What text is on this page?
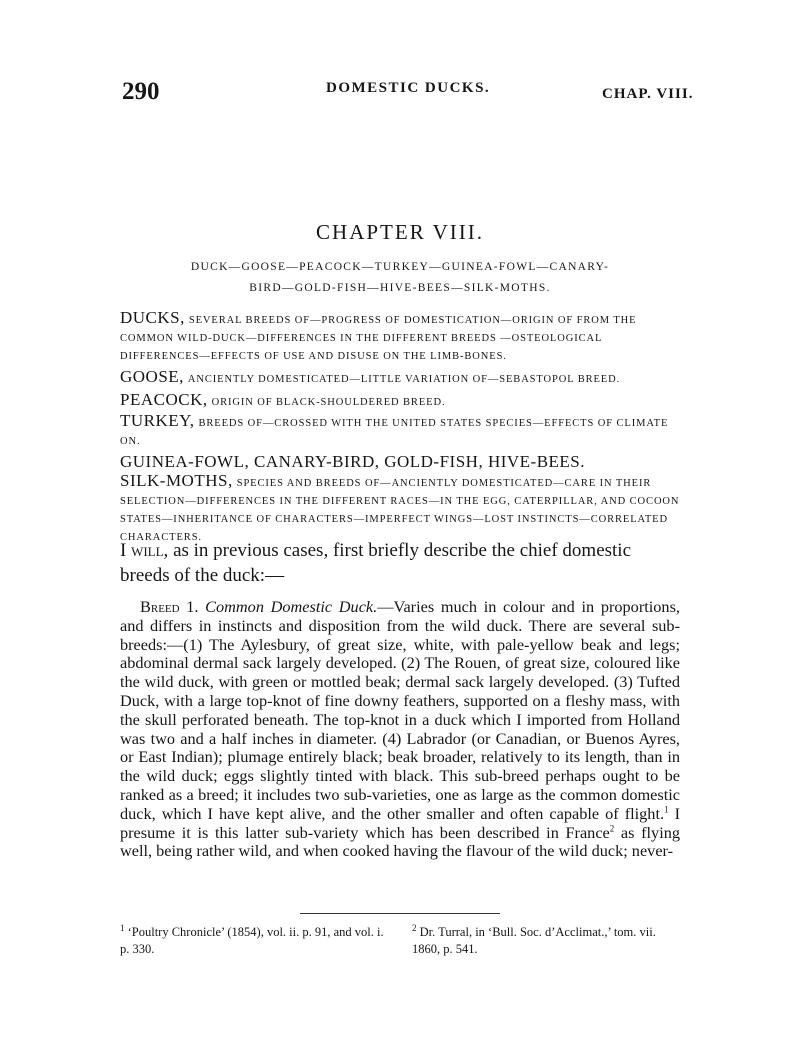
290	DOMESTIC DUCKS.	CHAP. VIII.
CHAPTER VIII.
DUCK—GOOSE—PEACOCK—TURKEY—GUINEA-FOWL—CANARY-
BIRD—GOLD-FISH—HIVE-BEES—SILK-MOTHS.
DUCKS, SEVERAL BREEDS OF—PROGRESS OF DOMESTICATION—ORIGIN OF FROM THE COMMON WILD-DUCK—DIFFERENCES IN THE DIFFERENT BREEDS —OSTEOLOGICAL DIFFERENCES—EFFECTS OF USE AND DISUSE ON THE LIMB-BONES.
GOOSE, ANCIENTLY DOMESTICATED—LITTLE VARIATION OF—SEBASTOPOL BREED.
PEACOCK, ORIGIN OF BLACK-SHOULDERED BREED.
TURKEY, BREEDS OF—CROSSED WITH THE UNITED STATES SPECIES—EFFECTS OF CLIMATE ON.
GUINEA-FOWL, CANARY-BIRD, GOLD-FISH, HIVE-BEES.
SILK-MOTHS, SPECIES AND BREEDS OF—ANCIENTLY DOMESTICATED—CARE IN THEIR SELECTION—DIFFERENCES IN THE DIFFERENT RACES—IN THE EGG, CATERPILLAR, AND COCOON STATES—INHERITANCE OF CHARACTERS—IMPERFECT WINGS—LOST INSTINCTS—CORRELATED CHARACTERS.
I will, as in previous cases, first briefly describe the chief domestic breeds of the duck:—
Breed 1. Common Domestic Duck.—Varies much in colour and in proportions, and differs in instincts and disposition from the wild duck. There are several sub-breeds:—(1) The Aylesbury, of great size, white, with pale-yellow beak and legs; abdominal dermal sack largely developed. (2) The Rouen, of great size, coloured like the wild duck, with green or mottled beak; dermal sack largely developed. (3) Tufted Duck, with a large top-knot of fine downy feathers, supported on a fleshy mass, with the skull perforated beneath. The top-knot in a duck which I imported from Holland was two and a half inches in diameter. (4) Labrador (or Canadian, or Buenos Ayres, or East Indian); plumage entirely black; beak broader, relatively to its length, than in the wild duck; eggs slightly tinted with black. This sub-breed perhaps ought to be ranked as a breed; it includes two sub-varieties, one as large as the common domestic duck, which I have kept alive, and the other smaller and often capable of flight.$^1$ I presume it is this latter sub-variety which has been described in France$^2$ as flying well, being rather wild, and when cooked having the flavour of the wild duck; never-
$^1$ ‘Poultry Chronicle’ (1854), vol. ii. p. 91, and vol. i. p. 330.
$^2$ Dr. Turral, in ‘Bull. Soc. d’Acclimat.,’ tom. vii. 1860, p. 541.
